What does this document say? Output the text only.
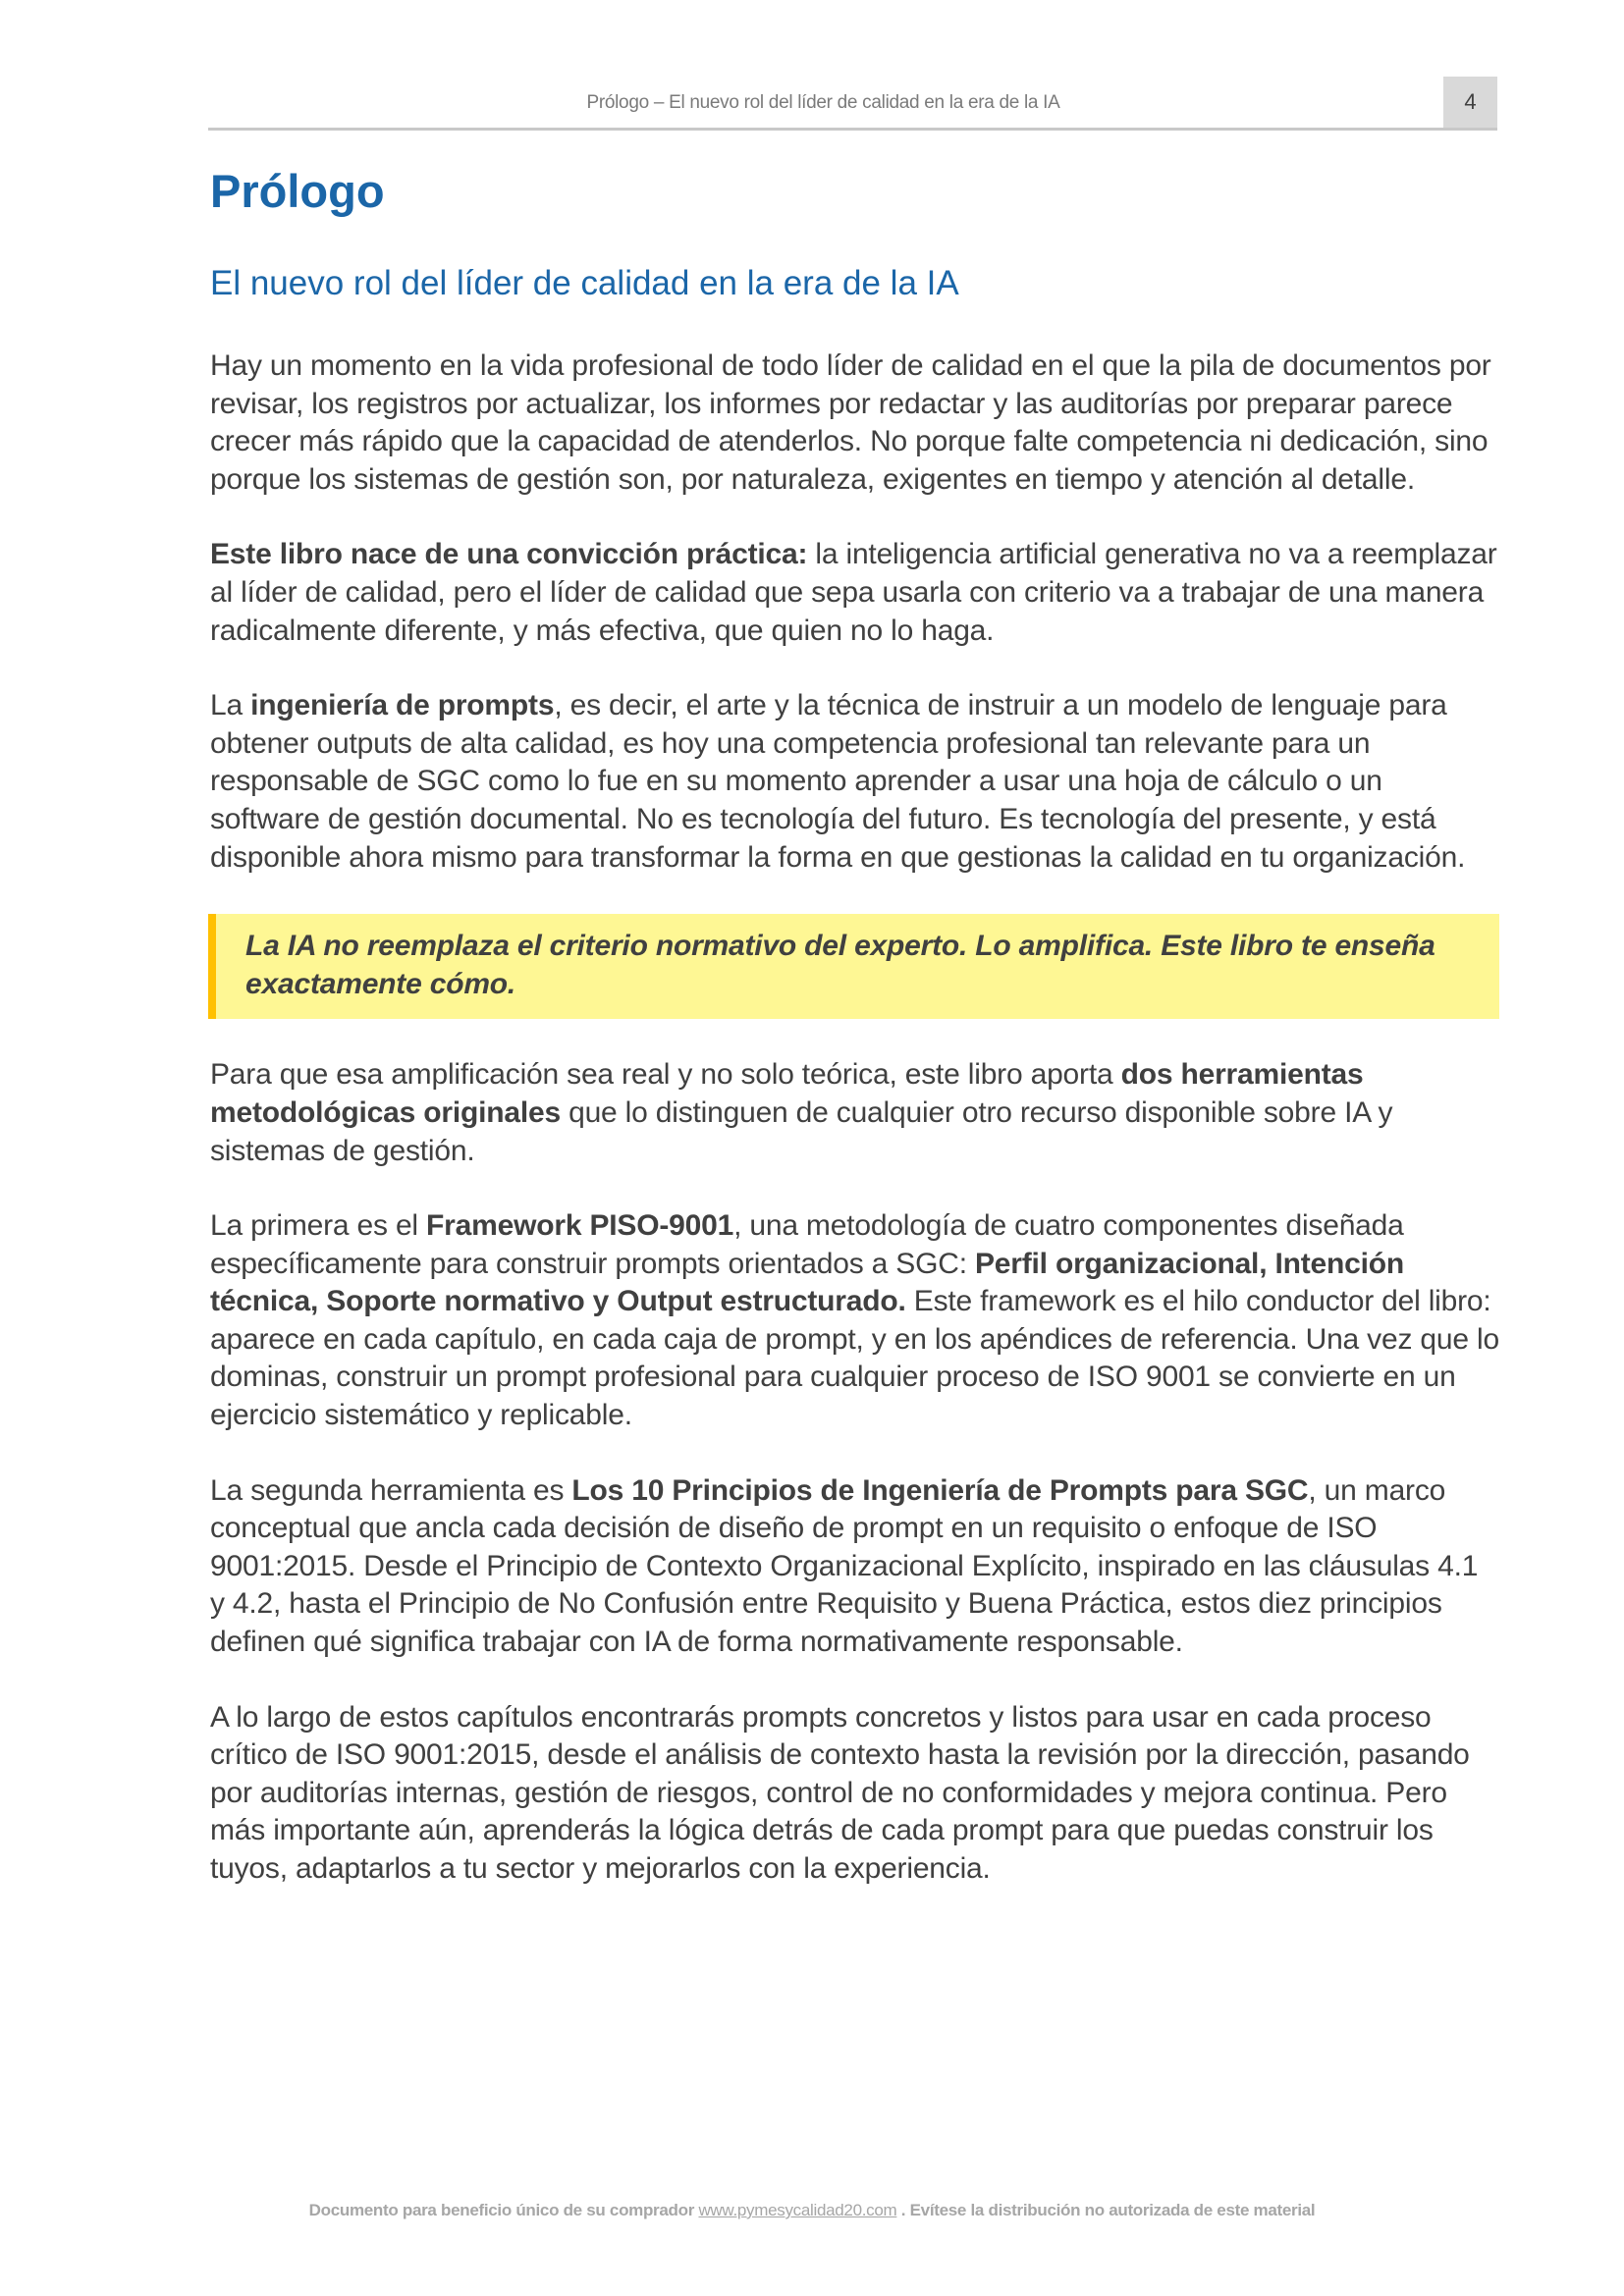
Prólogo – El nuevo rol del líder de calidad en la era de la IA	4
Prólogo
El nuevo rol del líder de calidad en la era de la IA

Hay un momento en la vida profesional de todo líder de calidad en el que la pila de documentos por revisar, los registros por actualizar, los informes por redactar y las auditorías por preparar parece crecer más rápido que la capacidad de atenderlos. No porque falte competencia ni dedicación, sino porque los sistemas de gestión son, por naturaleza, exigentes en tiempo y atención al detalle.

Este libro nace de una convicción práctica: la inteligencia artificial generativa no va a reemplazar al líder de calidad, pero el líder de calidad que sepa usarla con criterio va a trabajar de una manera radicalmente diferente, y más efectiva, que quien no lo haga.

La ingeniería de prompts, es decir, el arte y la técnica de instruir a un modelo de lenguaje para obtener outputs de alta calidad, es hoy una competencia profesional tan relevante para un responsable de SGC como lo fue en su momento aprender a usar una hoja de cálculo o un software de gestión documental. No es tecnología del futuro. Es tecnología del presente, y está disponible ahora mismo para transformar la forma en que gestionas la calidad en tu organización.

La IA no reemplaza el criterio normativo del experto. Lo amplifica. Este libro te enseña exactamente cómo.

Para que esa amplificación sea real y no solo teórica, este libro aporta dos herramientas metodológicas originales que lo distinguen de cualquier otro recurso disponible sobre IA y sistemas de gestión.

La primera es el Framework PISO-9001, una metodología de cuatro componentes diseñada específicamente para construir prompts orientados a SGC: Perfil organizacional, Intención técnica, Soporte normativo y Output estructurado. Este framework es el hilo conductor del libro: aparece en cada capítulo, en cada caja de prompt, y en los apéndices de referencia. Una vez que lo dominas, construir un prompt profesional para cualquier proceso de ISO 9001 se convierte en un ejercicio sistemático y replicable.

La segunda herramienta es Los 10 Principios de Ingeniería de Prompts para SGC, un marco conceptual que ancla cada decisión de diseño de prompt en un requisito o enfoque de ISO 9001:2015. Desde el Principio de Contexto Organizacional Explícito, inspirado en las cláusulas 4.1 y 4.2, hasta el Principio de No Confusión entre Requisito y Buena Práctica, estos diez principios definen qué significa trabajar con IA de forma normativamente responsable.

A lo largo de estos capítulos encontrarás prompts concretos y listos para usar en cada proceso crítico de ISO 9001:2015, desde el análisis de contexto hasta la revisión por la dirección, pasando por auditorías internas, gestión de riesgos, control de no conformidades y mejora continua. Pero más importante aún, aprenderás la lógica detrás de cada prompt para que puedas construir los tuyos, adaptarlos a tu sector y mejorarlos con la experiencia.

Documento para beneficio único de su comprador www.pymesycalidad20.com . Evítese la distribución no autorizada de este material
